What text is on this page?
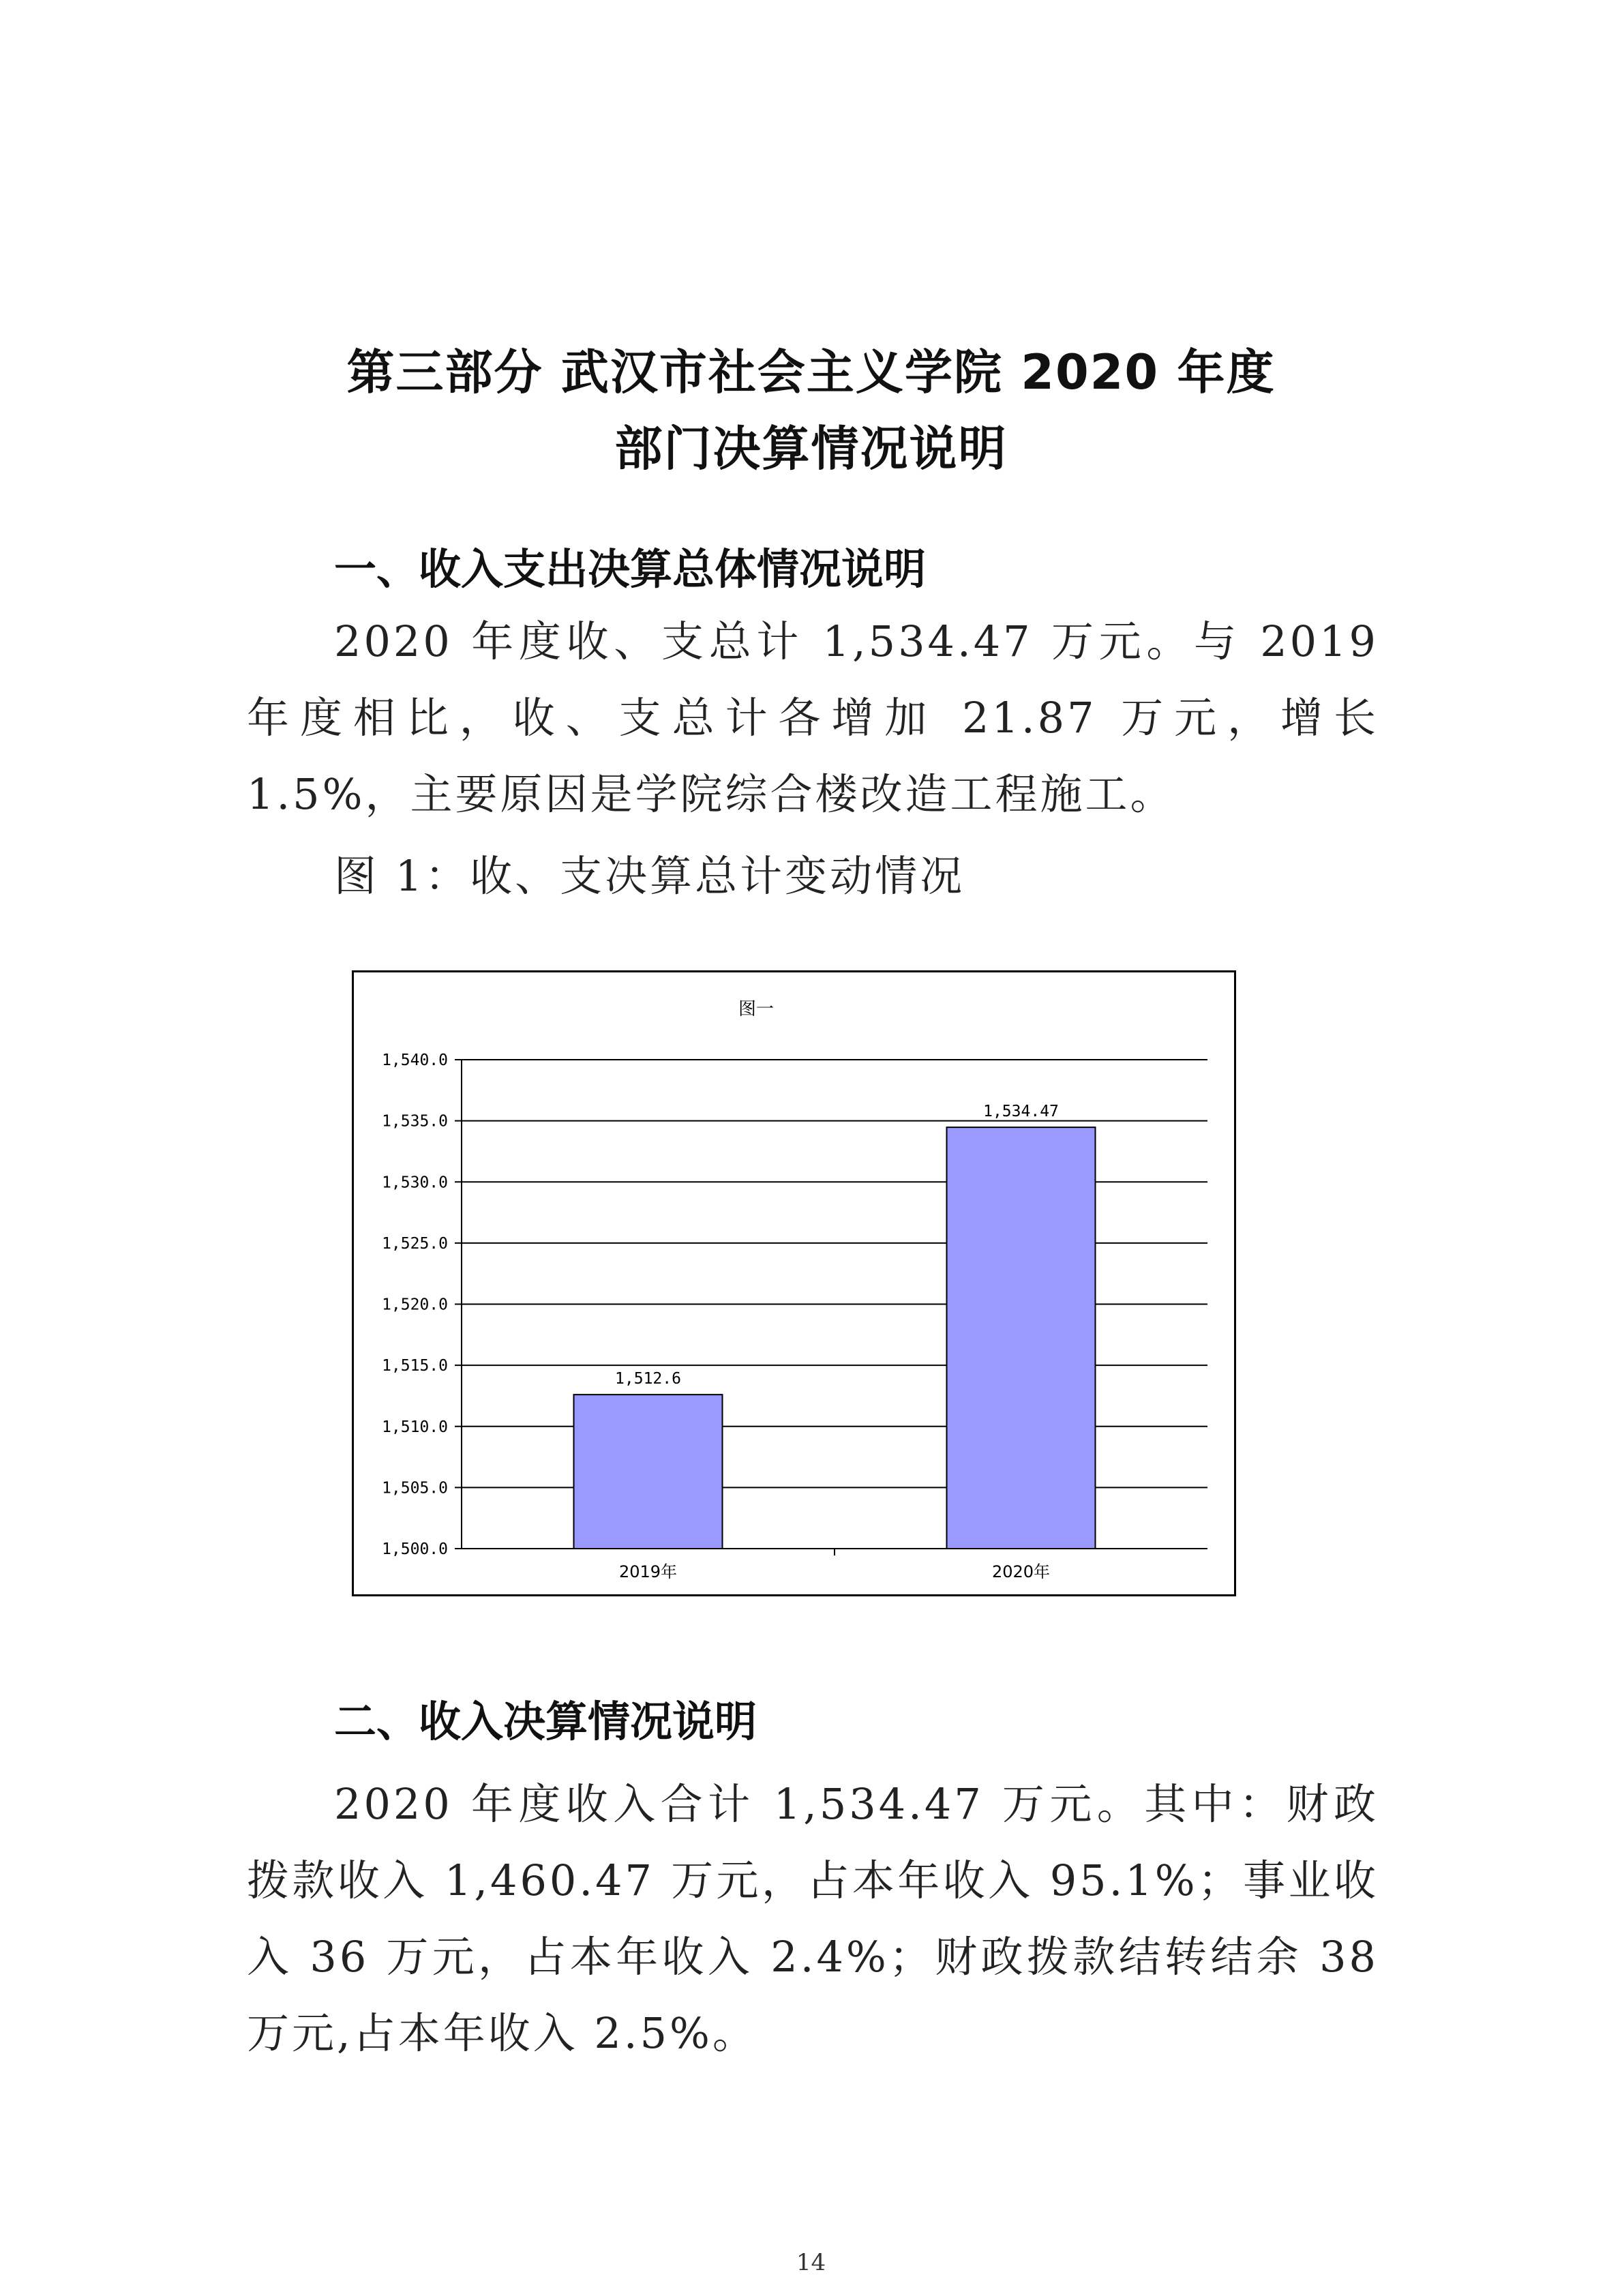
第三部分 武汉市社会主义学院 2020 年度
部门决算情况说明
一、收入支出决算总体情况说明

2020 年度收、支总计 1,534.47 万元。与 2019 年度相比，收、支总计各增加 21.87 万元，增长 1.5%，主要原因是学院综合楼改造工程施工。

图 1：收、支决算总计变动情况
图一
1,500.0
1,505.0
1,510.0
1,515.0
1,520.0
1,525.0
1,530.0
1,535.0
1,540.0
1,512.6
1,534.47
2019年	2020年
二、收入决算情况说明

2020 年度收入合计 1,534.47 万元。其中：财政拨款收入 1,460.47 万元，占本年收入 95.1%；事业收入 36 万元，占本年收入 2.4%；财政拨款结转结余 38 万元,占本年收入 2.5%。

14
